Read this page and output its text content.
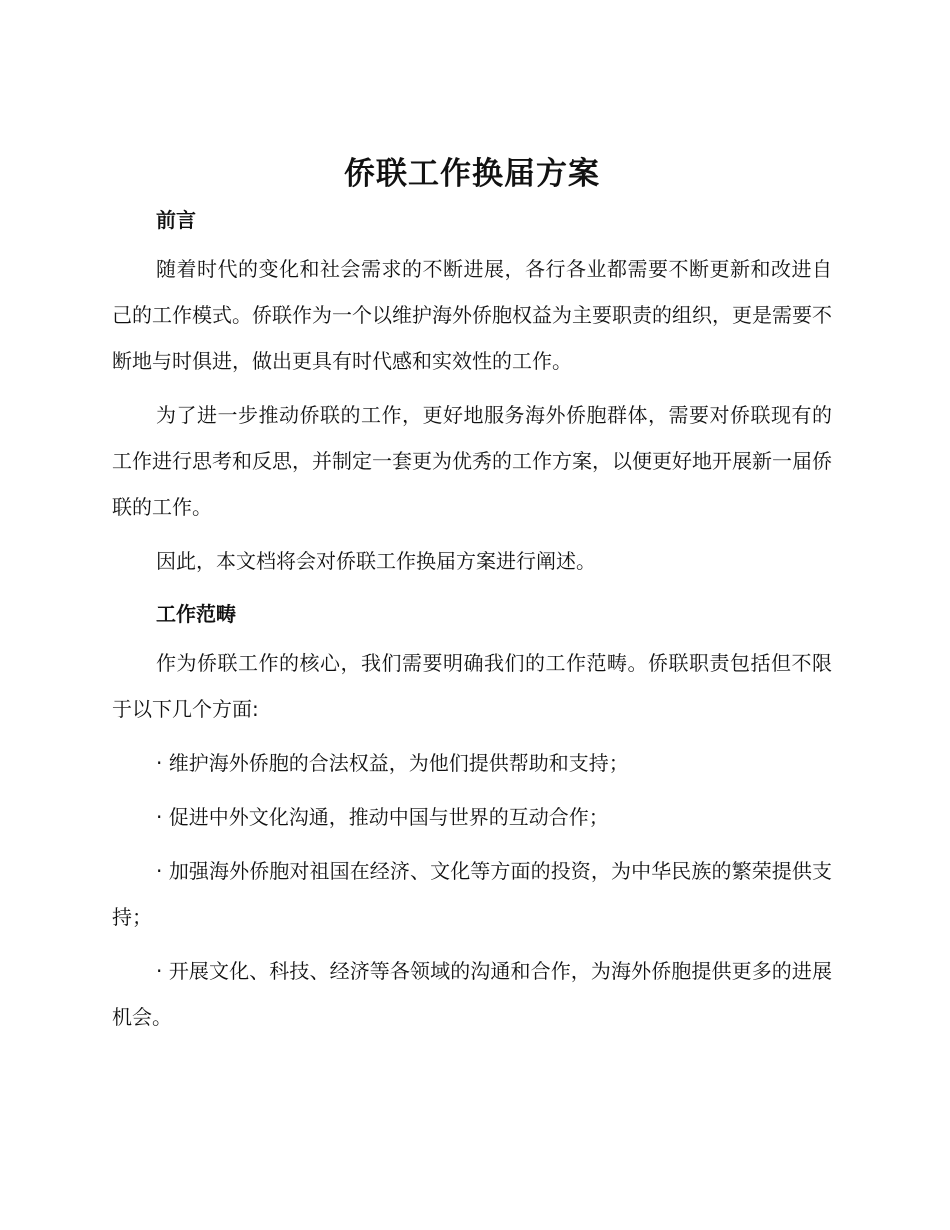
侨联工作换届方案
前言

随着时代的变化和社会需求的不断进展，各行各业都需要不断更新和改进自己的工作模式。侨联作为一个以维护海外侨胞权益为主要职责的组织，更是需要不断地与时俱进，做出更具有时代感和实效性的工作。

为了进一步推动侨联的工作，更好地服务海外侨胞群体，需要对侨联现有的工作进行思考和反思，并制定一套更为优秀的工作方案，以便更好地开展新一届侨联的工作。

因此，本文档将会对侨联工作换届方案进行阐述。

工作范畴

作为侨联工作的核心，我们需要明确我们的工作范畴。侨联职责包括但不限于以下几个方面:

· 维护海外侨胞的合法权益，为他们提供帮助和支持；

· 促进中外文化沟通，推动中国与世界的互动合作；

· 加强海外侨胞对祖国在经济、文化等方面的投资，为中华民族的繁荣提供支持；

· 开展文化、科技、经济等各领域的沟通和合作，为海外侨胞提供更多的进展机会。
